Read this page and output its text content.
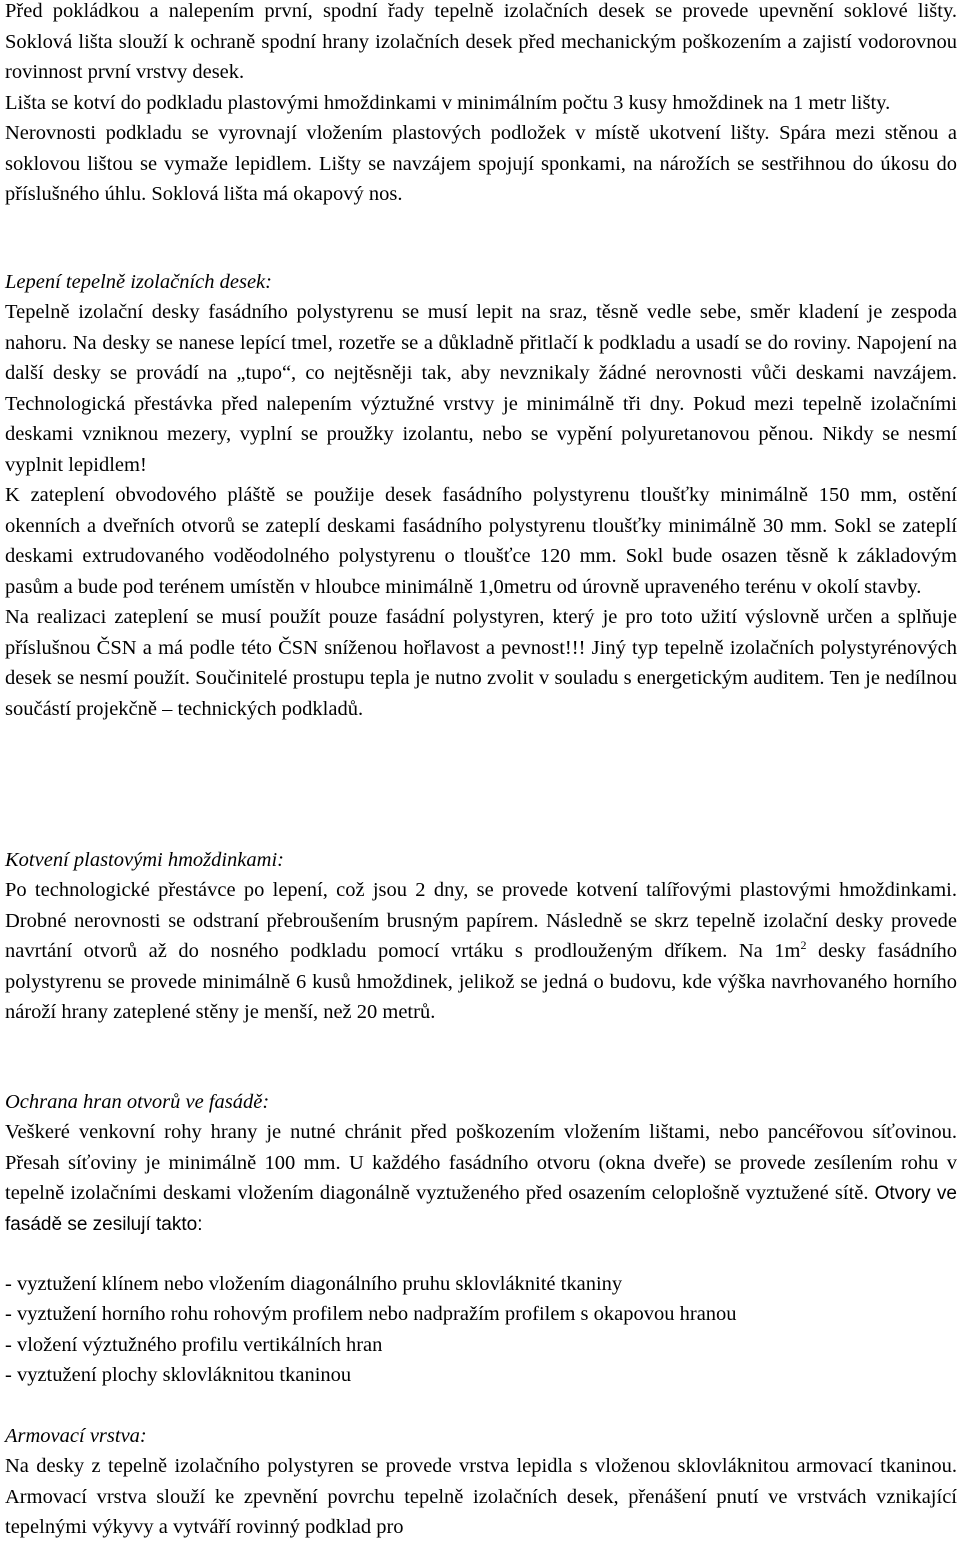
Před pokládkou a nalepením první, spodní řady tepelně izolačních desek se provede upevnění soklové lišty. Soklová lišta slouží k ochraně spodní hrany izolačních desek před mechanickým poškozením a zajistí vodorovnou rovinnost první vrstvy desek.

Lišta se kotví do podkladu plastovými hmoždinkami v minimálním počtu 3 kusy hmoždinek na 1 metr lišty.

Nerovnosti podkladu se vyrovnají vložením plastových podložek v místě ukotvení lišty. Spára mezi stěnou a soklovou lištou se vymaže lepidlem. Lišty se navzájem spojují sponkami, na nárožích se sestřihnou do úkosu do příslušného úhlu. Soklová lišta má okapový nos.

Lepení tepelně izolačních desek:

Tepelně izolační desky fasádního polystyrenu se musí lepit na sraz, těsně vedle sebe, směr kladení je zespoda nahoru. Na desky se nanese lepící tmel, rozetře se a důkladně přitlačí k podkladu a usadí se do roviny. Napojení na další desky se provádí na „tupo“, co nejtěsněji tak, aby nevznikaly žádné nerovnosti vůči deskami navzájem. Technologická přestávka před nalepením výztužné vrstvy je minimálně tři dny. Pokud mezi tepelně izolačními deskami vzniknou mezery, vyplní se proužky izolantu, nebo se vypění polyuretanovou pěnou. Nikdy se nesmí vyplnit lepidlem!

K zateplení obvodového pláště se použije desek fasádního polystyrenu tloušťky minimálně 150 mm, ostění okenních a dveřních otvorů se zateplí deskami fasádního polystyrenu tloušťky minimálně 30 mm. Sokl se zateplí deskami extrudovaného voděodolného polystyrenu o tloušťce 120 mm. Sokl bude osazen těsně k základovým pasům a bude pod terénem umístěn v hloubce minimálně 1,0metru od úrovně upraveného terénu v okolí stavby.

Na realizaci zateplení se musí použít pouze fasádní polystyren, který je pro toto užití výslovně určen a splňuje příslušnou ČSN a má podle této ČSN sníženou hořlavost a pevnost!!! Jiný typ tepelně izolačních polystyrénových desek se nesmí použít. Součinitelé prostupu tepla je nutno zvolit v souladu s energetickým auditem. Ten je nedílnou součástí projekčně – technických podkladů.

Kotvení plastovými hmoždinkami:

Po technologické přestávce po lepení, což jsou 2 dny, se provede kotvení talířovými plastovými hmoždinkami. Drobné nerovnosti se odstraní přebroušením brusným papírem. Následně se skrz tepelně izolační desky provede navrtání otvorů až do nosného podkladu pomocí vrtáku s prodlouženým dříkem. Na $1m^2$ desky fasádního polystyrenu se provede minimálně 6 kusů hmoždinek, jelikož se jedná o budovu, kde výška navrhovaného horního nároží hrany zateplené stěny je menší, než 20 metrů.

Ochrana hran otvorů ve fasádě:

Veškeré venkovní rohy hrany je nutné chránit před poškozením vložením lištami, nebo pancéřovou síťovinou. Přesah síťoviny je minimálně 100 mm. U každého fasádního otvoru (okna dveře) se provede zesílením rohu v tepelně izolačními deskami vložením diagonálně vyztuženého před osazením celoplošně vyztužené sítě. Otvory ve fasádě se zesilují takto:

- vyztužení klínem nebo vložením diagonálního pruhu sklovláknité tkaniny
- vyztužení horního rohu rohovým profilem nebo nadpražím profilem s okapovou hranou
- vložení výztužného profilu vertikálních hran
- vyztužení plochy sklovláknitou tkaninou

Armovací vrstva:

Na desky z tepelně izolačního polystyren se provede vrstva lepidla s vloženou sklovláknitou armovací tkaninou. Armovací vrstva slouží ke zpevnění povrchu tepelně izolačních desek, přenášení pnutí ve vrstvách vznikající tepelnými výkyvy a vytváří rovinný podklad pro
